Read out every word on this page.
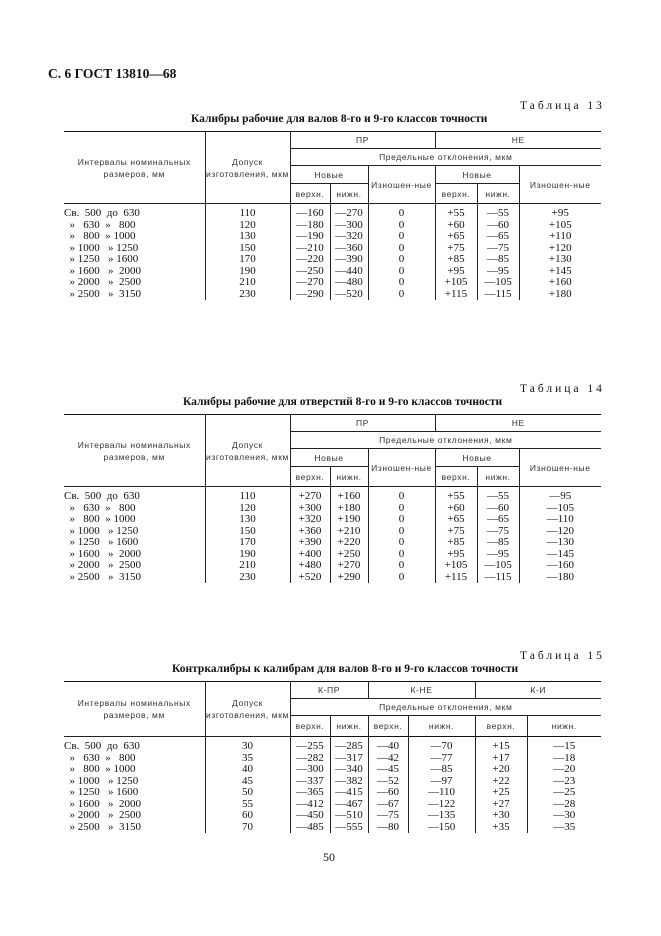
С. 6 ГОСТ 13810—68
Таблица 13
Калибры рабочие для валов 8-го и 9-го классов точности
Интервалы номинальных размеров, мм	Допуск изготовления, мкм	ПР			НЕ		
		Предельные отклонения, мкм					
		Новые		Изношен-ные	Новые		Изношен-ные
		верхн.	нижн.		верхн.	нижн.	
Св.  500  до  630	110	—160	—270	0	+55	—55	+95
»   630  »   800	120	—180	—300	0	+60	—60	+105
»   800  » 1000	130	—190	—320	0	+65	—65	+110
» 1000   » 1250	150	—210	—360	0	+75	—75	+120
» 1250   » 1600	170	—220	—390	0	+85	—85	+130
» 1600   »  2000	190	—250	—440	0	+95	—95	+145
» 2000   »  2500	210	—270	—480	0	+105	—105	+160
» 2500   »  3150	230	—290	—520	0	+115	—115	+180
Таблица 14
Калибры рабочие для отверстий 8-го и 9-го классов точности
Интервалы номинальных размеров, мм	Допуск изготовления, мкм	ПР			НЕ		
		Предельные отклонения, мкм					
		Новые		Изношен-ные	Новые		Изношен-ные
		верхн.	нижн.		верхн.	нижн.	
Св.  500  до  630	110	+270	+160	0	+55	—55	—95
»   630  »   800	120	+300	+180	0	+60	—60	—105
»   800  » 1000	130	+320	+190	0	+65	—65	—110
» 1000   » 1250	150	+360	+210	0	+75	—75	—120
» 1250   » 1600	170	+390	+220	0	+85	—85	—130
» 1600   »  2000	190	+400	+250	0	+95	—95	—145
» 2000   »  2500	210	+480	+270	0	+105	—105	—160
» 2500   »  3150	230	+520	+290	0	+115	—115	—180
Таблица 15
Контркалибры к калибрам для валов 8-го и 9-го классов точности
Интервалы номинальных размеров, мм	Допуск изготовления, мкм	К-ПР		К-НЕ		К-И	
		Предельные отклонения, мкм					
		верхн.	нижн.	верхн.	нижн.	верхн.	нижн.
Св.  500  до  630	30	—255	—285	—40	—70	+15	—15
»   630  »   800	35	—282	—317	—42	—77	+17	—18
»   800  » 1000	40	—300	—340	—45	—85	+20	—20
» 1000   » 1250	45	—337	—382	—52	—97	+22	—23
» 1250   » 1600	50	—365	—415	—60	—110	+25	—25
» 1600   »  2000	55	—412	—467	—67	—122	+27	—28
» 2000   »  2500	60	—450	—510	—75	—135	+30	—30
» 2500   »  3150	70	—485	—555	—80	—150	+35	—35
50
